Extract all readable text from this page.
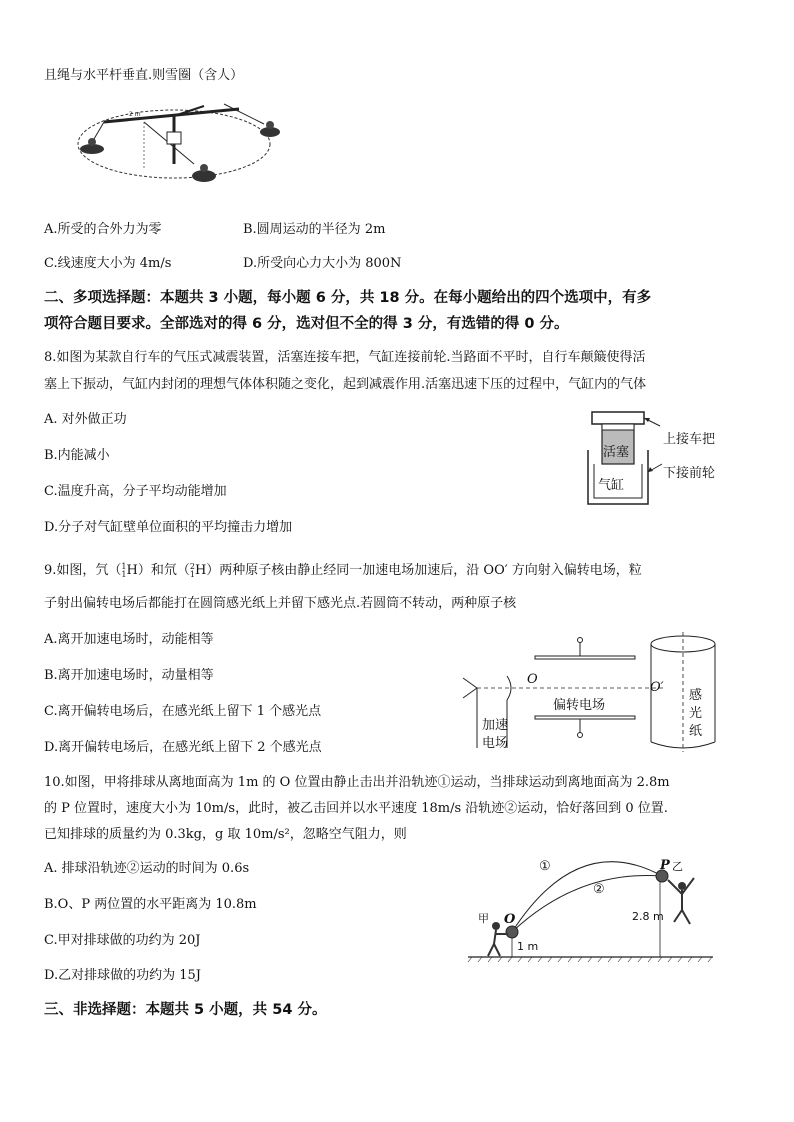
且绳与水平杆垂直.则雪圈（含人）
2 m
A.所受的合外力为零	B.圆周运动的半径为 2m
C.线速度大小为 4m/s	D.所受向心力大小为 800N
二、多项选择题：本题共 3 小题，每小题 6 分，共 18 分。在每小题给出的四个选项中，有多
项符合题目要求。全部选对的得 6 分，选对但不全的得 3 分，有选错的得 0 分。
8.如图为某款自行车的气压式减震装置，活塞连接车把，气缸连接前轮.当路面不平时，自行车颠簸使得活
塞上下振动，气缸内封闭的理想气体体积随之变化，起到减震作用.活塞迅速下压的过程中，气缸内的气体
A. 对外做正功
B.内能减小
C.温度升高，分子平均动能增加
D.分子对气缸壁单位面积的平均撞击力增加
活塞
气缸
上接车把
下接前轮
9.如图，氕（1
1H）和氘（2
1H）两种原子核由静止经同一加速电场加速后，沿 OO′ 方向射入偏转电场，粒
子射出偏转电场后都能打在圆筒感光纸上并留下感光点.若圆筒不转动，两种原子核
A.离开加速电场时，动能相等
B.离开加速电场时，动量相等
C.离开偏转电场后，在感光纸上留下 1 个感光点
D.离开偏转电场后，在感光纸上留下 2 个感光点
O
O′
偏转电场
加速
电场
感
光
纸
10.如图，甲将排球从离地面高为 1m 的 O 位置由静止击出并沿轨迹①运动，当排球运动到离地面高为 2.8m
的 P 位置时，速度大小为 10m/s，此时，被乙击回并以水平速度 18m/s 沿轨迹②运动，恰好落回到 0 位置.
已知排球的质量约为 0.3kg，g 取 10m/s²，忽略空气阻力，则
A. 排球沿轨迹②运动的时间为 0.6s
B.O、P 两位置的水平距离为 10.8m
C.甲对排球做的功约为 20J
D.乙对排球做的功约为 15J
①
②
P 乙
甲 O
1 m
2.8 m
三、非选择题：本题共 5 小题，共 54 分。
